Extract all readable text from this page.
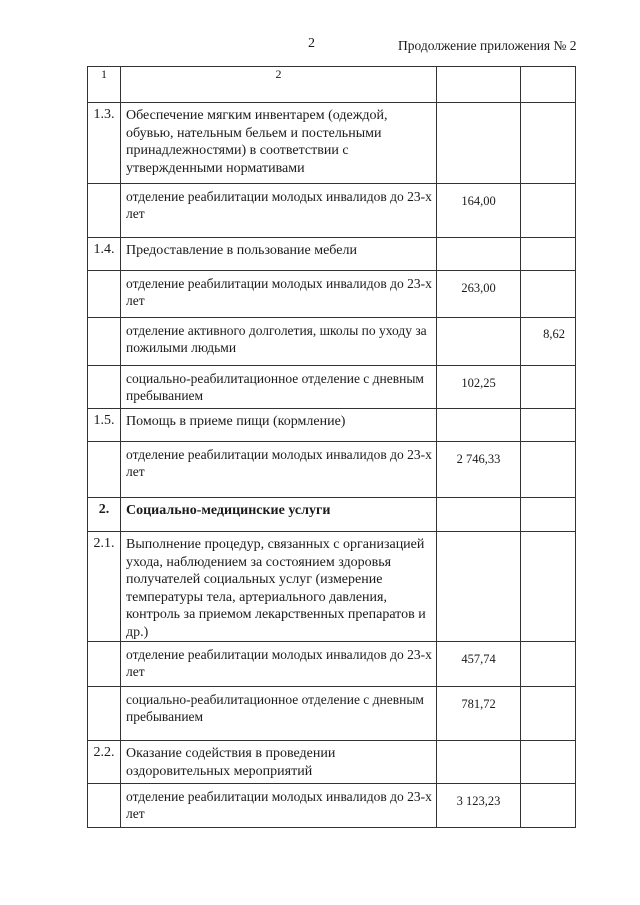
2	Продолжение приложения № 2
1	2		
1.3.	Обеспечение мягким инвентарем (одеждой, обувью, нательным бельем и постельными принадлежностями) в соответствии с утвержденными нормативами		
	отделение реабилитации молодых инвалидов до 23-х лет	164,00	
1.4.	Предоставление в пользование мебели		
	отделение реабилитации молодых инвалидов до 23-х лет	263,00	
	отделение активного долголетия, школы по уходу за пожилыми людьми		8,62
	социально-реабилитационное отделение с дневным пребыванием	102,25	
1.5.	Помощь в приеме пищи (кормление)		
	отделение реабилитации молодых инвалидов до 23-х лет	2 746,33	
2.	Социально-медицинские услуги		
2.1.	Выполнение процедур, связанных с организацией ухода, наблюдением за состоянием здоровья получателей социальных услуг (измерение температуры тела, артериального давления, контроль за приемом лекарственных препаратов и др.)		
	отделение реабилитации молодых инвалидов до 23-х лет	457,74	
	социально-реабилитационное отделение с дневным пребыванием	781,72	
2.2.	Оказание содействия в проведении оздоровительных мероприятий		
	отделение реабилитации молодых инвалидов до 23-х лет	3 123,23	
